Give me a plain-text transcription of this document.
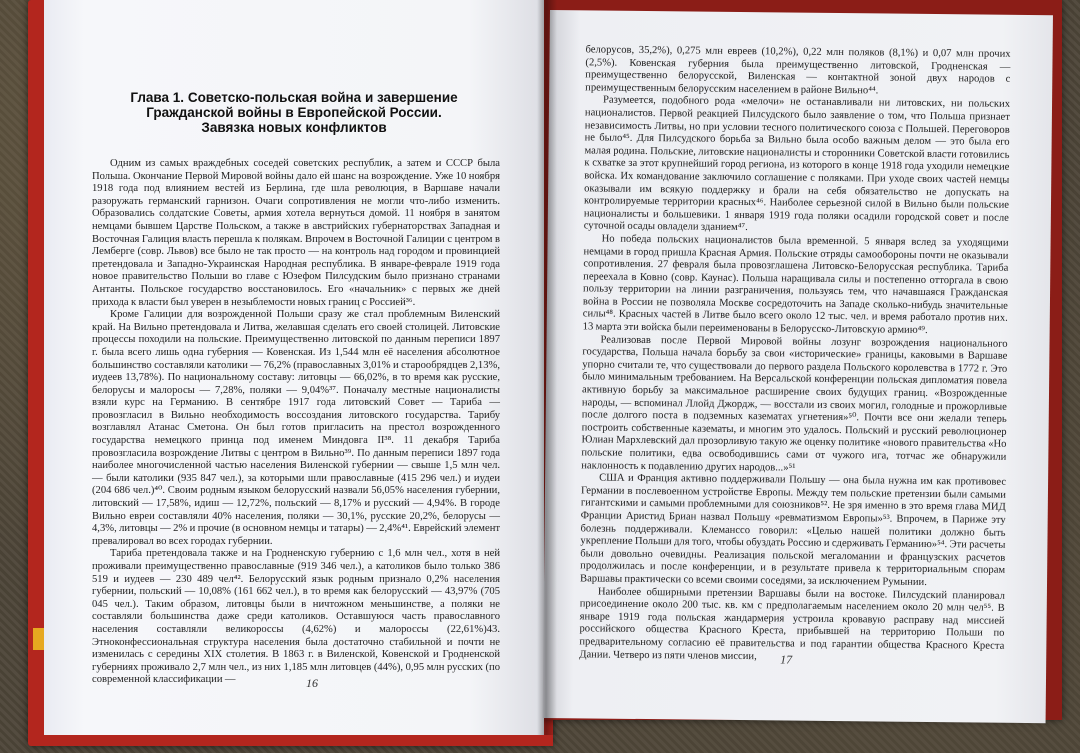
Глава 1. Советско-польская война и завершение
Гражданской войны в Европейской России.
Завязка новых конфликтов

Одним из самых враждебных соседей советских республик, а затем и СССР была Польша. Окончание Первой Мировой войны дало ей шанс на возрождение. Уже 10 ноября 1918 года под влиянием вестей из Берлина, где шла революция, в Варшаве начали разоружать германский гарнизон. Очаги сопротивления не могли что-либо изменить. Образовались солдатские Советы, армия хотела вернуться домой. 11 ноября в занятом немцами бывшем Царстве Польском, а также в австрийских губернаторствах Западная и Восточная Галиция власть перешла к полякам. Впрочем в Восточной Галиции с центром в Лемберге (совр. Львов) все было не так просто — на контроль над городом и провинцией претендовала и Западно-Украинская Народная республика. В январе-феврале 1919 года новое правительство Польши во главе с Юзефом Пилсудским было признано странами Антанты. Польское государство восстановилось. Его «начальник» с первых же дней прихода к власти был уверен в незыблемости новых границ с Россией³⁶.

Кроме Галиции для возрожденной Польши сразу же стал проблемным Виленский край. На Вильно претендовала и Литва, желавшая сделать его своей столицей. Литовские процессы походили на польские. Преимущественно литовской по данным переписи 1897 г. была всего лишь одна губерния — Ковенская. Из 1,544 млн её населения абсолютное большинство составляли католики — 76,2% (православных 3,01% и старообрядцев 2,13%, иудеев 13,78%). По национальному составу: литовцы — 66,02%, в то время как русские, белорусы и малоросы — 7,28%, поляки — 9,04%³⁷. Поначалу местные националисты взяли курс на Германию. В сентябре 1917 года литовский Совет — Тариба — провозгласил в Вильно необходимость воссоздания литовского государства. Тарибу возглавлял Атанас Сметона. Он был готов пригласить на престол возрожденного государства немецкого принца под именем Миндовга II³⁸. 11 декабря Тариба провозгласила возрождение Литвы с центром в Вильно³⁹. По данным переписи 1897 года наиболее многочисленной частью населения Виленской губернии — свыше 1,5 млн чел. — были католики (935 847 чел.), за которыми шли православные (415 296 чел.) и иудеи (204 686 чел.)⁴⁰. Своим родным языком белорусский назвали 56,05% населения губернии, литовский — 17,58%, идиш — 12,72%, польский — 8,17% и русский — 4,94%. В городе Вильно евреи составляли 40% населения, поляки — 30,1%, русские 20,2%, белорусы — 4,3%, литовцы — 2% и прочие (в основном немцы и татары) — 2,4%⁴¹. Еврейский элемент превалировал во всех городах губернии.

Тариба претендовала также и на Гродненскую губернию с 1,6 млн чел., хотя в ней проживали преимущественно православные (919 346 чел.), а католиков было только 386 519 и иудеев — 230 489 чел⁴². Белорусский язык родным признало 0,2% населения губернии, польский — 10,08% (161 662 чел.), в то время как белорусский — 43,97% (705 045 чел.). Таким образом, литовцы были в ничтожном меньшинстве, а поляки не составляли большинства даже среди католиков. Оставшуюся часть православного населения составляли великороссы (4,62%) и малороссы (22,61%)43. Этноконфессиональная структура населения была достаточно стабильной и почти не изменилась с середины XIX столетия. В 1863 г. в Виленской, Ковенской и Гродненской губерниях проживало 2,7 млн чел., из них 1,185 млн литовцев (44%), 0,95 млн русских (по современной классификации —	16

белорусов, 35,2%), 0,275 млн евреев (10,2%), 0,22 млн поляков (8,1%) и 0,07 млн прочих (2,5%). Ковенская губерния была преимущественно литовской, Гродненская — преимущественно белорусской, Виленская — контактной зоной двух народов с преимущественным белорусским населением в районе Вильно⁴⁴.

Разумеется, подобного рода «мелочи» не останавливали ни литовских, ни польских националистов. Первой реакцией Пилсудского было заявление о том, что Польша признает независимость Литвы, но при условии тесного политического союза с Польшей. Переговоров не было⁴⁵. Для Пилсудского борьба за Вильно была особо важным делом — это была его малая родина. Польские, литовские националисты и сторонники Советской власти готовились к схватке за этот крупнейший город региона, из которого в конце 1918 года уходили немецкие войска. Их командование заключило соглашение с поляками. При уходе своих частей немцы оказывали им всякую поддержку и брали на себя обязательство не допускать на контролируемые территории красных⁴⁶. Наиболее серьезной силой в Вильно были польские националисты и большевики. 1 января 1919 года поляки осадили городской совет и после суточной осады овладели зданием⁴⁷.

Но победа польских националистов была временной. 5 января вслед за уходящими немцами в город пришла Красная Армия. Польские отряды самообороны почти не оказывали сопротивления. 27 февраля была провозглашена Литовско-Белорусская республика. Тариба переехала в Ковно (совр. Каунас). Польша наращивала силы и постепенно отторгала в свою пользу территории на линии разграничения, пользуясь тем, что начавшаяся Гражданская война в России не позволяла Москве сосредоточить на Западе сколько-нибудь значительные силы⁴⁸. Красных частей в Литве было всего около 12 тыс. чел. и время работало против них. 13 марта эти войска были переименованы в Белорусско-Литовскую армию⁴⁹.

Реализовав после Первой Мировой войны лозунг возрождения национального государства, Польша начала борьбу за свои «исторические» границы, каковыми в Варшаве упорно считали те, что существовали до первого раздела Польского королевства в 1772 г. Это было минимальным требованием. На Версальской конференции польская дипломатия повела активную борьбу за максимальное расширение своих будущих границ. «Возрожденные народы, — вспоминал Ллойд Джордж, — восстали из своих могил, голодные и прожорливые после долгого поста в подземных казематах угнетения»⁵⁰. Почти все они желали теперь построить собственные казематы, и многим это удалось. Польский и русский революционер Юлиан Мархлевский дал прозорливую такую же оценку политике «нового правительства «Но польские политики, едва освободившись сами от чужого ига, тотчас же обнаружили наклонность к подавлению других народов...»⁵¹

США и Франция активно поддерживали Польшу — она была нужна им как противовес Германии в послевоенном устройстве Европы. Между тем польские претензии были самыми гигантскими и самыми проблемными для союзников⁵². Не зря именно в это время глава МИД Франции Аристид Бриан назвал Польшу «ревматизмом Европы»⁵³. Впрочем, в Париже эту болезнь поддерживали. Клеманссо говорил: «Целью нашей политики должно быть укрепление Польши для того, чтобы обуздать Россию и сдерживать Германию»⁵⁴. Эти расчеты были довольно очевидны. Реализация польской мегаломании и французских расчетов продолжилась и после конференции, и в результате привела к территориальным спорам Варшавы практически со всеми своими соседями, за исключением Румынии.

Наиболее обширными претензии Варшавы были на востоке. Пилсудский планировал присоединение около 200 тыс. кв. км с предполагаемым населением около 20 млн чел⁵⁵. В январе 1919 года польская жандармерия устроила кровавую расправу над миссией российского общества Красного Креста, прибывшей на территорию Польши по предварительному согласию её правительства и под гарантии общества Красного Креста Дании. Четверо из пяти членов миссии,	17
